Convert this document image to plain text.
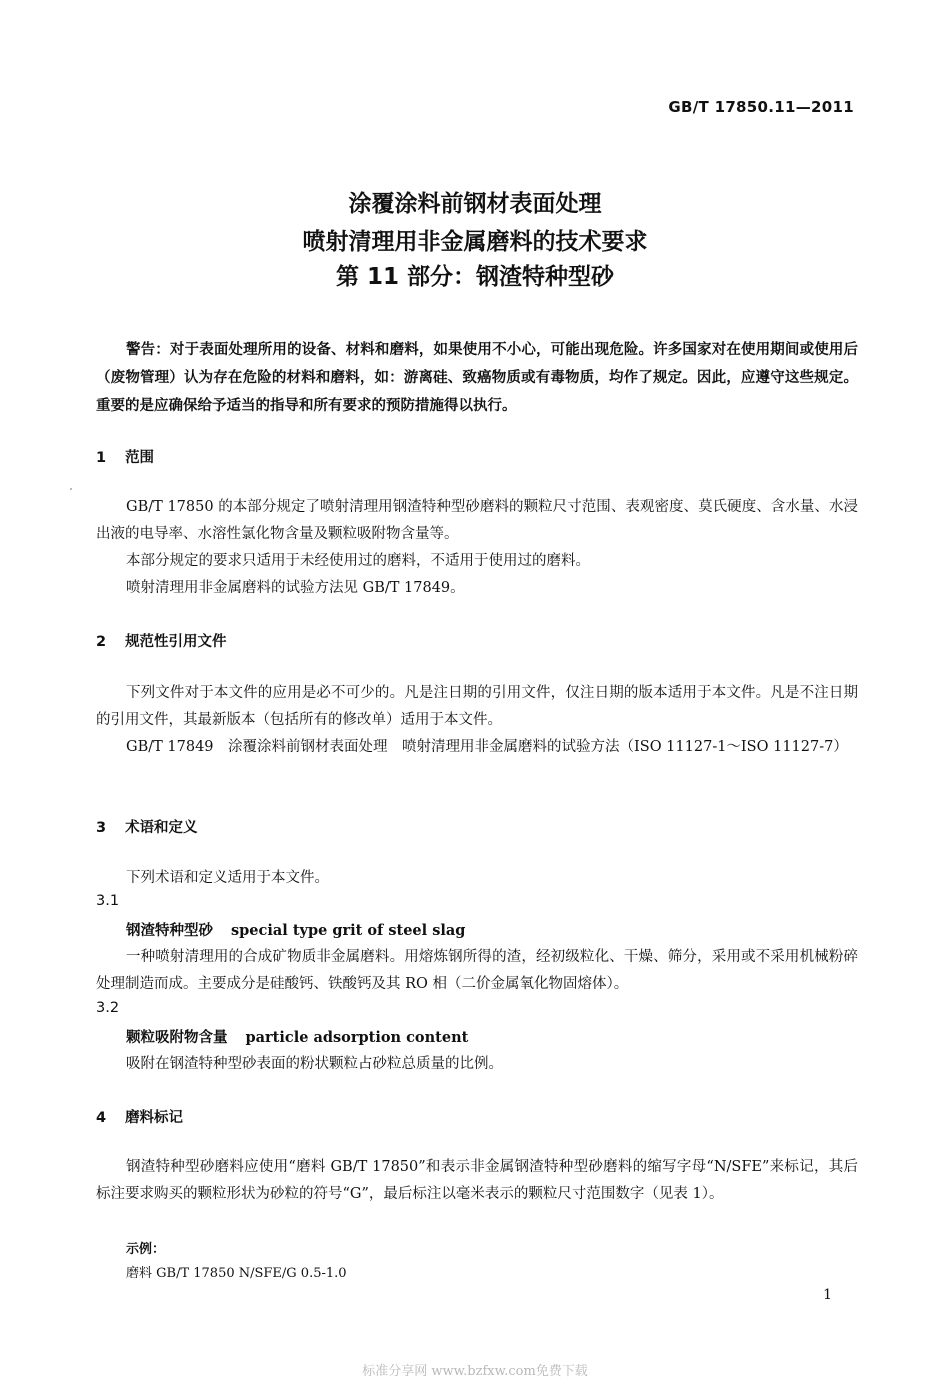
GB/T 17850.11—2011
涂覆涂料前钢材表面处理
喷射清理用非金属磨料的技术要求
第 11 部分：钢渣特种型砂

警告：对于表面处理所用的设备、材料和磨料，如果使用不小心，可能出现危险。许多国家对在使用期间或使用后（废物管理）认为存在危险的材料和磨料，如：游离硅、致癌物质或有毒物质，均作了规定。因此，应遵守这些规定。重要的是应确保给予适当的指导和所有要求的预防措施得以执行。

1 范围

GB/T 17850 的本部分规定了喷射清理用钢渣特种型砂磨料的颗粒尺寸范围、表观密度、莫氏硬度、含水量、水浸出液的电导率、水溶性氯化物含量及颗粒吸附物含量等。

本部分规定的要求只适用于未经使用过的磨料，不适用于使用过的磨料。
喷射清理用非金属磨料的试验方法见 GB/T 17849。
2 规范性引用文件

下列文件对于本文件的应用是必不可少的。凡是注日期的引用文件，仅注日期的版本适用于本文件。凡是不注日期的引用文件，其最新版本（包括所有的修改单）适用于本文件。

GB/T 17849　涂覆涂料前钢材表面处理　喷射清理用非金属磨料的试验方法（ISO 11127-1～ISO 11127-7）

3 术语和定义
下列术语和定义适用于本文件。
3.1
钢渣特种型砂 special type grit of steel slag

一种喷射清理用的合成矿物质非金属磨料。用熔炼钢所得的渣，经初级粒化、干燥、筛分，采用或不采用机械粉碎处理制造而成。主要成分是硅酸钙、铁酸钙及其 RO 相（二价金属氧化物固熔体）。

3.2
颗粒吸附物含量 particle adsorption content
吸附在钢渣特种型砂表面的粉状颗粒占砂粒总质量的比例。
4 磨料标记

钢渣特种型砂磨料应使用“磨料 GB/T 17850”和表示非金属钢渣特种型砂磨料的缩写字母“N/SFE”来标记，其后标注要求购买的颗粒形状为砂粒的符号“G”，最后标注以毫米表示的颗粒尺寸范围数字（见表 1）。

示例：
磨料 GB/T 17850 N/SFE/G 0.5-1.0
1
标准分享网 www.bzfxw.com免费下载
